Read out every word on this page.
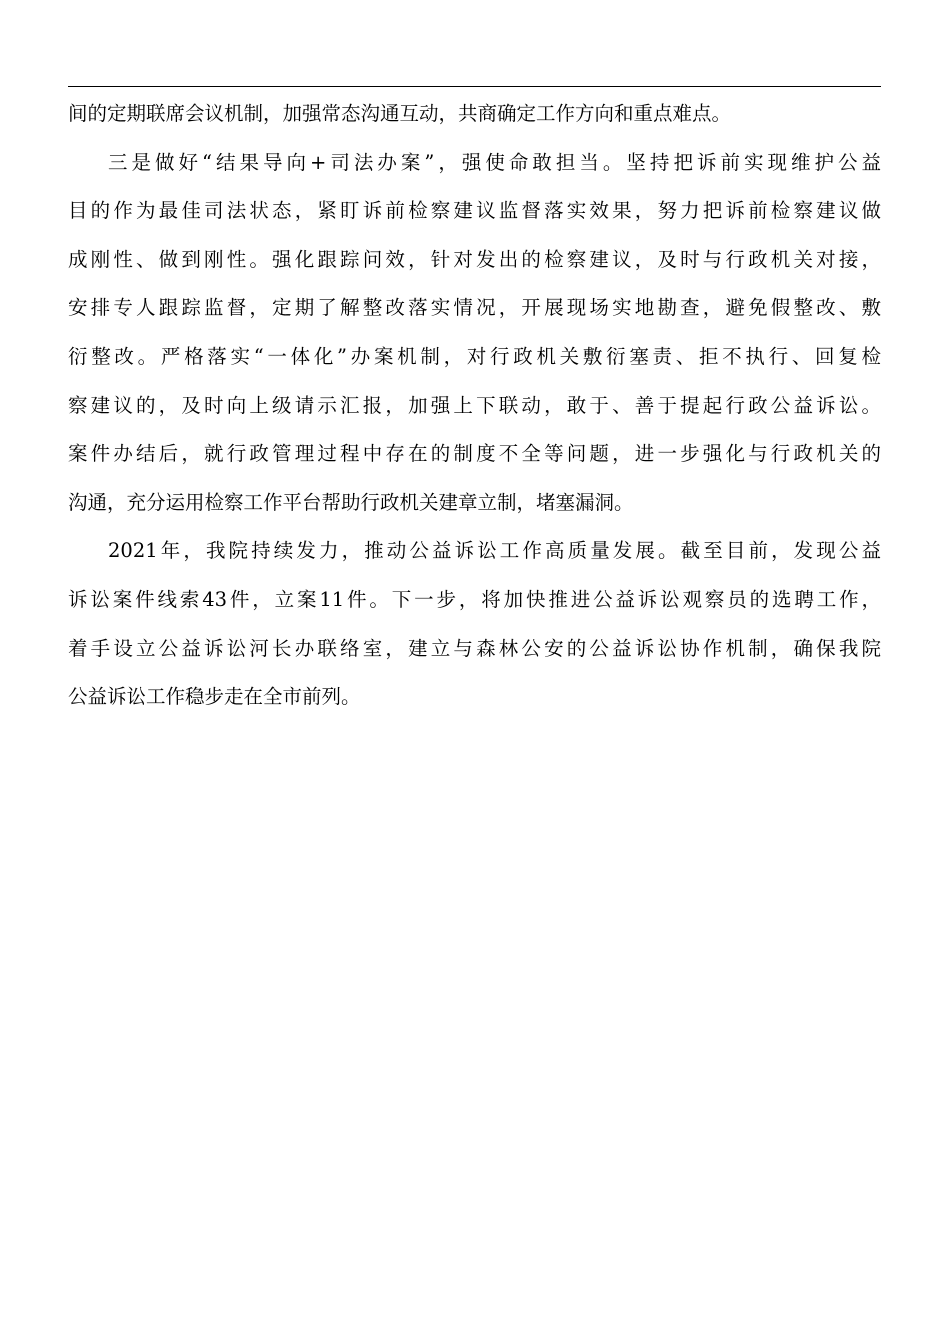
间的定期联席会议机制，加强常态沟通互动，共商确定工作方向和重点难点。
三是做好“结果导向+司法办案”，强使命敢担当。坚持把诉前实现维护公益
目的作为最佳司法状态，紧盯诉前检察建议监督落实效果，努力把诉前检察建议做
成刚性、做到刚性。强化跟踪问效，针对发出的检察建议，及时与行政机关对接，
安排专人跟踪监督，定期了解整改落实情况，开展现场实地勘查，避免假整改、敷
衍整改。严格落实“一体化”办案机制，对行政机关敷衍塞责、拒不执行、回复检
察建议的，及时向上级请示汇报，加强上下联动，敢于、善于提起行政公益诉讼。
案件办结后，就行政管理过程中存在的制度不全等问题，进一步强化与行政机关的
沟通，充分运用检察工作平台帮助行政机关建章立制，堵塞漏洞。
2021年，我院持续发力，推动公益诉讼工作高质量发展。截至目前，发现公益
诉讼案件线索43件，立案11件。下一步，将加快推进公益诉讼观察员的选聘工作，
着手设立公益诉讼河长办联络室，建立与森林公安的公益诉讼协作机制，确保我院
公益诉讼工作稳步走在全市前列。
